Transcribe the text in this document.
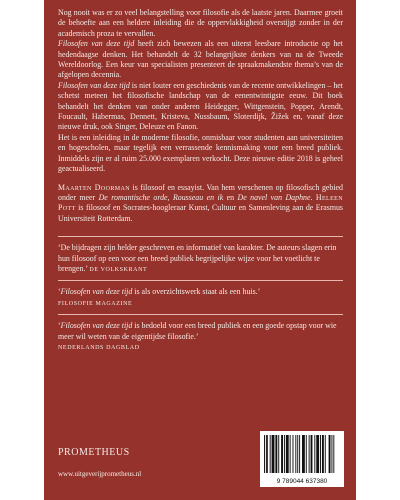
Nog nooit was er zo veel belangstelling voor filosofie als de laatste jaren. Daarmee groeit de behoefte aan een heldere inleiding die de oppervlakkigheid overstijgt zonder in der academisch proza te vervallen.

Filosofen van deze tijd heeft zich bewezen als een uiterst leesbare introductie op het hedendaagse denken. Het behandelt de 32 belangrijkste denkers van na de Tweede Wereldoorlog. Een keur van specialisten presenteert de spraakmakendste thema’s van de afgelopen decennia.

Filosofen van deze tijd is niet louter een geschiedenis van de recente ontwikkelingen – het schetst meteen het filosofische landschap van de eenentwintigste eeuw. Dit boek behandelt het denken van onder anderen Heidegger, Wittgenstein, Popper, Arendt, Foucault, Habermas, Dennett, Kristeva, Nussbaum, Sloterdijk, Žižek en, vanaf deze nieuwe druk, ook Singer, Deleuze en Fanon.

Het is een inleiding in de moderne filosofie, onmisbaar voor studenten aan universiteiten en hogescholen, maar tegelijk een verrassende kennismaking voor een breed publiek. Inmiddels zijn er al ruim 25.000 exemplaren verkocht. Deze nieuwe editie 2018 is geheel geactualiseerd.

Maarten Doorman is filosoof en essayist. Van hem verschenen op filosofisch gebied onder meer De romantische orde, Rousseau en ik en De navel van Daphne. Heleen Pott is filosoof en Socrates-hoogleraar Kunst, Cultuur en Samenleving aan de Erasmus Universiteit Rotterdam.

‘De bijdragen zijn helder geschreven en informatief van karakter. De auteurs slagen erin hun filosoof op een voor een breed publiek begrijpelijke wijze voor het voetlicht te brengen.’ DE VOLKSKRANT
‘Filosofen van deze tijd is als overzichtswerk staat als een huis.’
FILOSOFIE MAGAZINE
‘Filosofen van deze tijd is bedoeld voor een breed publiek en een goede opstap voor wie meer wil weten van de eigentijdse filosofie.’
NEDERLANDS DAGBLAD
PROMETHEUS
www.uitgeverijprometheus.nl
9 789044 637380
